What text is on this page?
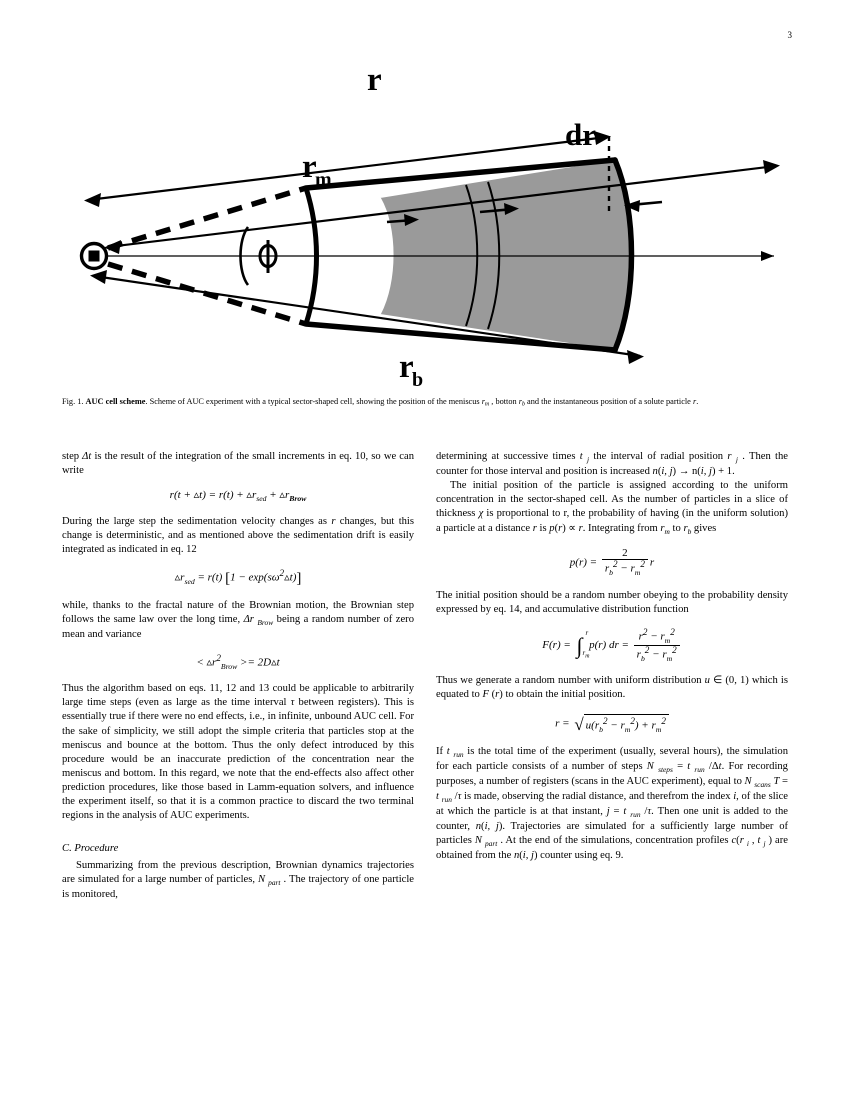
3
r
r
m
r
b
dr
Fig. 1. AUC cell scheme. Scheme of AUC experiment with a typical sector-shaped cell, showing the position of the meniscus $r_m$ , botton $r_b$ and the instantaneous position of a solute particle r.

step Δt is the result of the integration of the small increments in eq. 10, so we can write

r(t + ▵t) = $r(t) + ▵r_{sed}$ + $▵r_{Brow}$

During the large step the sedimentation velocity changes as r changes, but this change is deterministic, and as mentioned above the sedimentation drift is easily integrated as indicated in eq. 12

$▵r_{sed} = r(t) [1$ − $\exp(s\omega^2▵t)$]

while, thanks to the fractal nature of the Brownian motion, the Brownian step follows the same law over the long time, Δr $_{Brow}$ being a random number of zero mean and variance

< $▵r^2_{Brow}$ >= 2D▵t

Thus the algorithm based on eqs. 11, 12 and 13 could be applicable to arbitrarily large time steps (even as large as the time interval τ between registers). This is essentially true if there were no end effects, i.e., in infinite, unbound AUC cell. For the sake of simplicity, we still adopt the simple criteria that particles stop at the meniscus and bounce at the bottom. Thus the only defect introduced by this procedure would be an inaccurate prediction of the concentration near the meniscus and bottom. In this regard, we note that the end-effects also affect other prediction procedures, like those based in Lamm-equation solvers, and influence the experiment itself, so that it is a common practice to discard the two terminal regions in the analysis of AUC experiments.

C. Procedure

Summarizing from the previous description, Brownian dynamics trajectories are simulated for a large number of particles, N $_{part}$ . The trajectory of one particle is monitored,

determining at successive times t $_j$ the interval of radial position r $_j$ . Then the counter for those interval and position is increased n(i, j) → n(i, j) + 1.

The initial position of the particle is assigned according to the uniform concentration in the sector-shaped cell. As the number of particles in a slice of thickness χ is proportional to r, the probability of having (in the uniform solution) a particle at a distance r is p(r) ∝ r. Integrating from $r_m$ to $r_b$ gives

$p(r) = \frac{2}{r_b^2 - r_m^2}$ r

The initial position should be a random number obeying to the probability density expressed by eq. 14, and accumulative distribution function

F(r) = ∫ r
$r_m$
p(r) dr = $\frac{r^2 - r_m^2}{r_b^2 - r_m^2}$

Thus we generate a random number with uniform distribution u ∈ (0, 1) which is equated to F (r) to obtain the initial position.

r = √ $u(r_b^2 - r_m^2) + r_m^2$

If t $_{run}$ is the total time of the experiment (usually, several hours), the simulation for each particle consists of a number of steps N $_{steps}$ = t $_{run}$ /Δt. For recording purposes, a number of registers (scans in the AUC experiment), equal to N $_{scans}$ T = t $_{run}$ /τ is made, observing the radial distance, and therefrom the index i, of the slice at which the particle is at that instant, j = t $_{run}$ /τ. Then one unit is added to the counter, n(i, j). Trajectories are simulated for a sufficiently large number of particles N $_{part}$ . At the end of the simulations, concentration profiles c(r $_i$ , t $_j$ ) are obtained from the n(i, j) counter using eq. 9.
